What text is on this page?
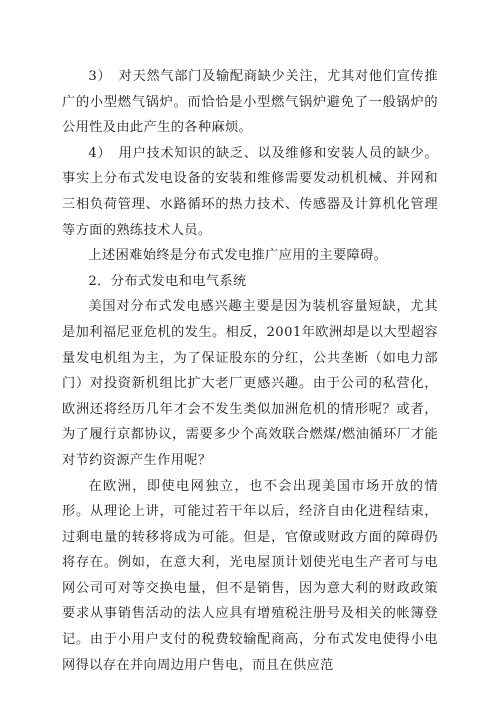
3）　对天然气部门及输配商缺少关注，尤其对他们宣传推广的小型燃气锅炉。而恰恰是小型燃气锅炉避免了一般锅炉的公用性及由此产生的各种麻烦。

4）　用户技术知识的缺乏、以及维修和安装人员的缺少。事实上分布式发电设备的安装和维修需要发动机机械、并网和三相负荷管理、水路循环的热力技术、传感器及计算机化管理等方面的熟练技术人员。

上述困难始终是分布式发电推广应用的主要障碍。

2．分布式发电和电气系统

美国对分布式发电感兴趣主要是因为装机容量短缺，尤其是加利福尼亚危机的发生。相反，2001年欧洲却是以大型超容量发电机组为主，为了保证股东的分红，公共垄断（如电力部门）对投资新机组比扩大老厂更感兴趣。由于公司的私营化，欧洲还将经历几年才会不发生类似加洲危机的情形呢？或者，为了履行京都协议，需要多少个高效联合燃煤/燃油循环厂才能对节约资源产生作用呢？

在欧洲，即使电网独立，也不会出现美国市场开放的情形。从理论上讲，可能过若干年以后，经济自由化进程结束，过剩电量的转移将成为可能。但是，官僚或财政方面的障碍仍将存在。例如，在意大利，光电屋顶计划使光电生产者可与电网公司可对等交换电量，但不是销售，因为意大利的财政政策要求从事销售活动的法人应具有增殖税注册号及相关的帐簿登记。由于小用户支付的税费较输配商高，分布式发电使得小电网得以存在并向周边用户售电，而且在供应范
